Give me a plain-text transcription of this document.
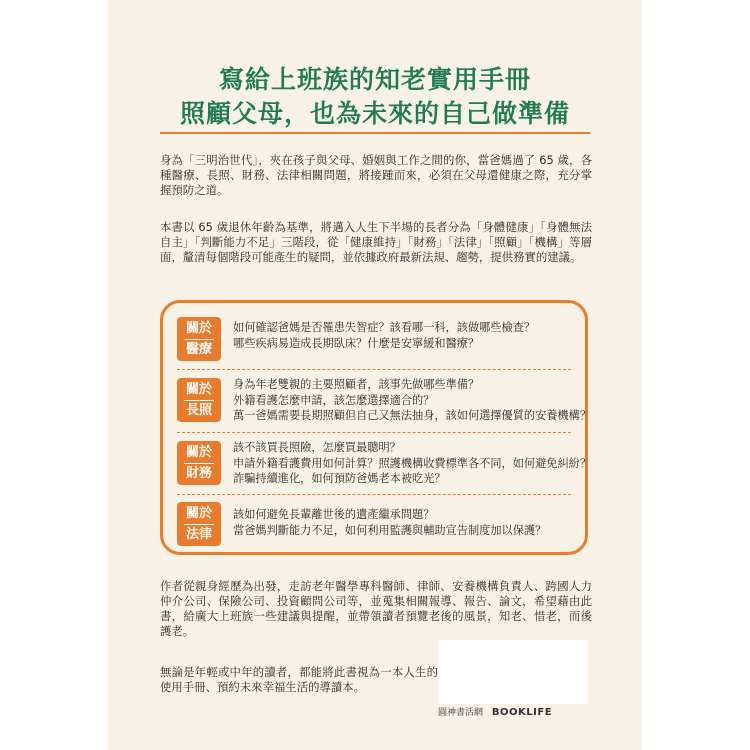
寫給上班族的知老實用手冊
照顧父母，也為未來的自己做準備

身為「三明治世代」，夾在孩子與父母、婚姻與工作之間的你，當爸媽過了 65 歲，各種醫療、長照、財務、法律相關問題，將接踵而來，必須在父母還健康之際，充分掌握預防之道。

本書以 65 歲退休年齡為基準，將邁入人生下半場的長者分為「身體健康」「身體無法自主」「判斷能力不足」三階段，從「健康維持」「財務」「法律」「照顧」「機構」等層面，釐清每個階段可能產生的疑問，並依據政府最新法規、趨勢，提供務實的建議。

關於
醫療
如何確認爸媽是否罹患失智症？該看哪一科，該做哪些檢查？
哪些疾病易造成長期臥床？什麼是安寧緩和醫療？
關於
長照
身為年老雙親的主要照顧者，該事先做哪些準備？
外籍看護怎麼申請，該怎麼選擇適合的？
萬一爸媽需要長期照顧但自己又無法抽身，該如何選擇優質的安養機構？
關於
財務
該不該買長照險，怎麼買最聰明？
申請外籍看護費用如何計算？照護機構收費標準各不同，如何避免糾紛？
詐騙持續進化，如何預防爸媽老本被吃光？
關於
法律
該如何避免長輩離世後的遺產繼承問題？
當爸媽判斷能力不足，如何利用監護與輔助宣告制度加以保護？

作者從親身經歷為出發，走訪老年醫學專科醫師、律師、安養機構負責人、跨國人力仲介公司、保險公司、投資顧問公司等，並蒐集相關報導、報告、論文，希望藉由此書，給廣大上班族一些建議與提醒，並帶領讀者預覽老後的風景，知老、惜老，而後護老。

無論是年輕或中年的讀者，都能將此書視為一本人生的使用手冊、預約未來幸福生活的導讀本。

圓神書活網 BOOKLIFE
